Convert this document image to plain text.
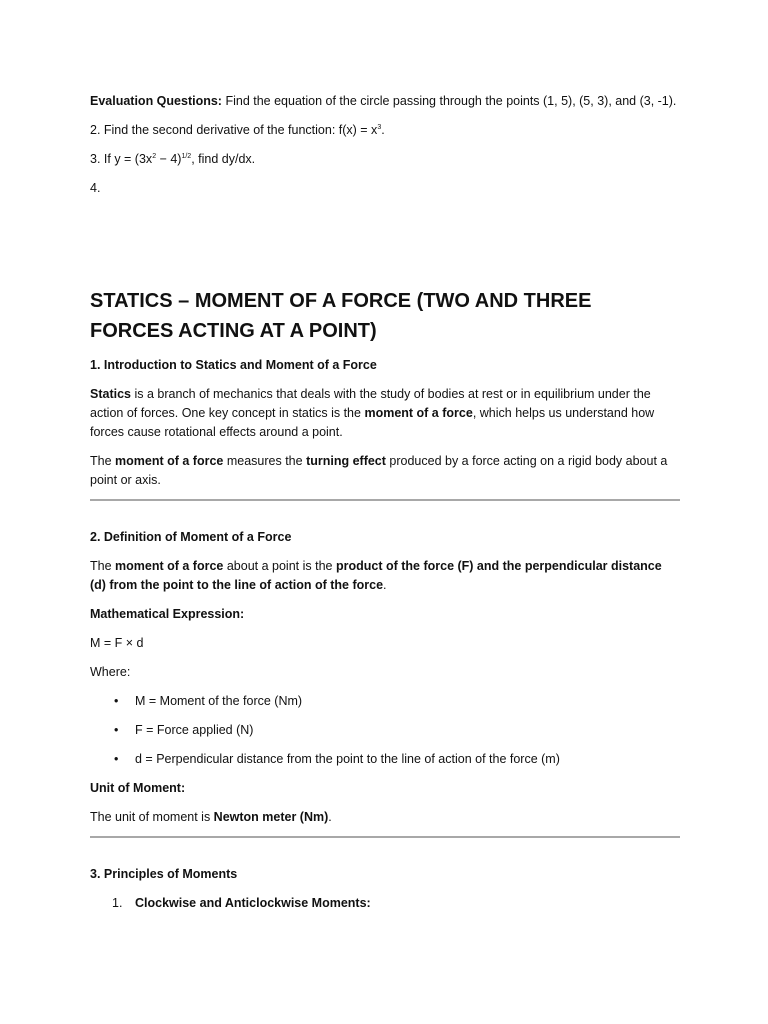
Evaluation Questions: Find the equation of the circle passing through the points (1, 5), (5, 3), and (3, -1).

2. Find the second derivative of the function: $f(x) = x^3$.

3. If $y = (3x^2 - 4)^{1/2}$, find dy/dx.

4.

STATICS – MOMENT OF A FORCE (TWO AND THREE FORCES ACTING AT A POINT)

1. Introduction to Statics and Moment of a Force

Statics is a branch of mechanics that deals with the study of bodies at rest or in equilibrium under the action of forces. One key concept in statics is the moment of a force, which helps us understand how forces cause rotational effects around a point.

The moment of a force measures the turning effect produced by a force acting on a rigid body about a point or axis.

2. Definition of Moment of a Force

The moment of a force about a point is the product of the force (F) and the perpendicular distance (d) from the point to the line of action of the force.

Mathematical Expression:

M = F × d

Where:

• M = Moment of the force (Nm)
• F = Force applied (N)
• d = Perpendicular distance from the point to the line of action of the force (m)

Unit of Moment:

The unit of moment is Newton meter (Nm).

3. Principles of Moments

1. Clockwise and Anticlockwise Moments:
